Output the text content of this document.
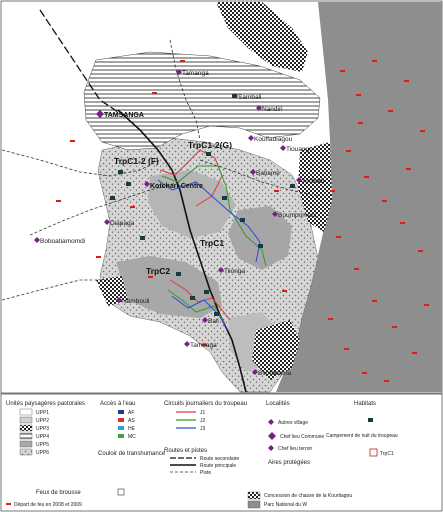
TAMSANGA
Tamanga
Sambali
Nandiri
Kouffadiagou
Tiouango
Kotchari-Centre
Batiamé
Boboatiamomdi
Diapaga
Boumpomani
Nambouli
Tambaga
Tilonga
Bali
Ambodi
Bomboama
TrpC1-2(G)
TrpC1-2 (F)
TrpC1
TrpC2
Unités paysagères pastorales
UPP1
UPP2
UPP3
UPP4
UPP5
UPP6
Accès à l'eau
AF
AS
HE
MC
Circuits journaliers du troupeau
J1
J2
J3
Routes et pistes
Route secondaire
Route principale
Piste
Couloir de transhumance
Localités
Autres village
Chef lieu Commune
Chef lieu terroir
Habitats
Campement de nuit du troupeau
TrpC1
Aires protégées
Concession de chasse de la Kourtiagou
Parc National du W
Feux de brousse
Départ de feu en 2008 et 2009
